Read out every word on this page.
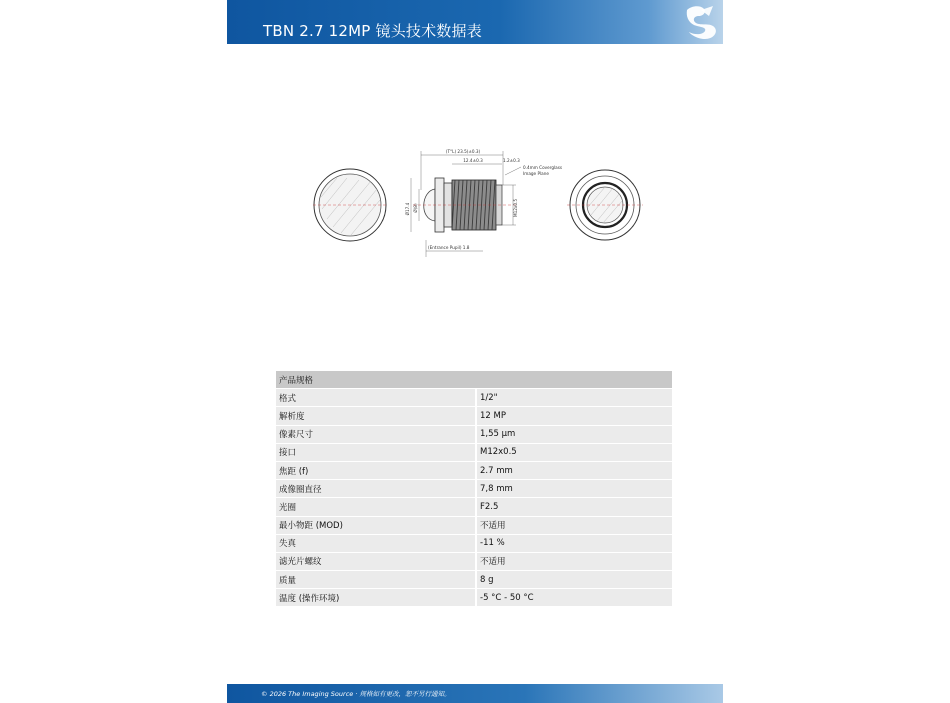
TBN 2.7 12MP 镜头技术数据表
(T°L) 23.5(±0.3)
12.4±0.3	1.2±0.3
0.4mm Coverglass
Image Plane
Ø17.4 Ø(8)	M12x0.5
(Entrance Pupil) 1.8
产品规格	
格式	1/2"
解析度	12 MP
像素尺寸	1,55 µm
接口	M12x0.5
焦距 (f)	2.7 mm
成像圈直径	7,8 mm
光圈	F2.5
最小物距 (MOD)	不适用
失真	-11 %
滤光片螺纹	不适用
质量	8 g
温度 (操作环境)	-5 °C - 50 °C
© 2026 The Imaging Source · 规格如有更改，恕不另行通知。
